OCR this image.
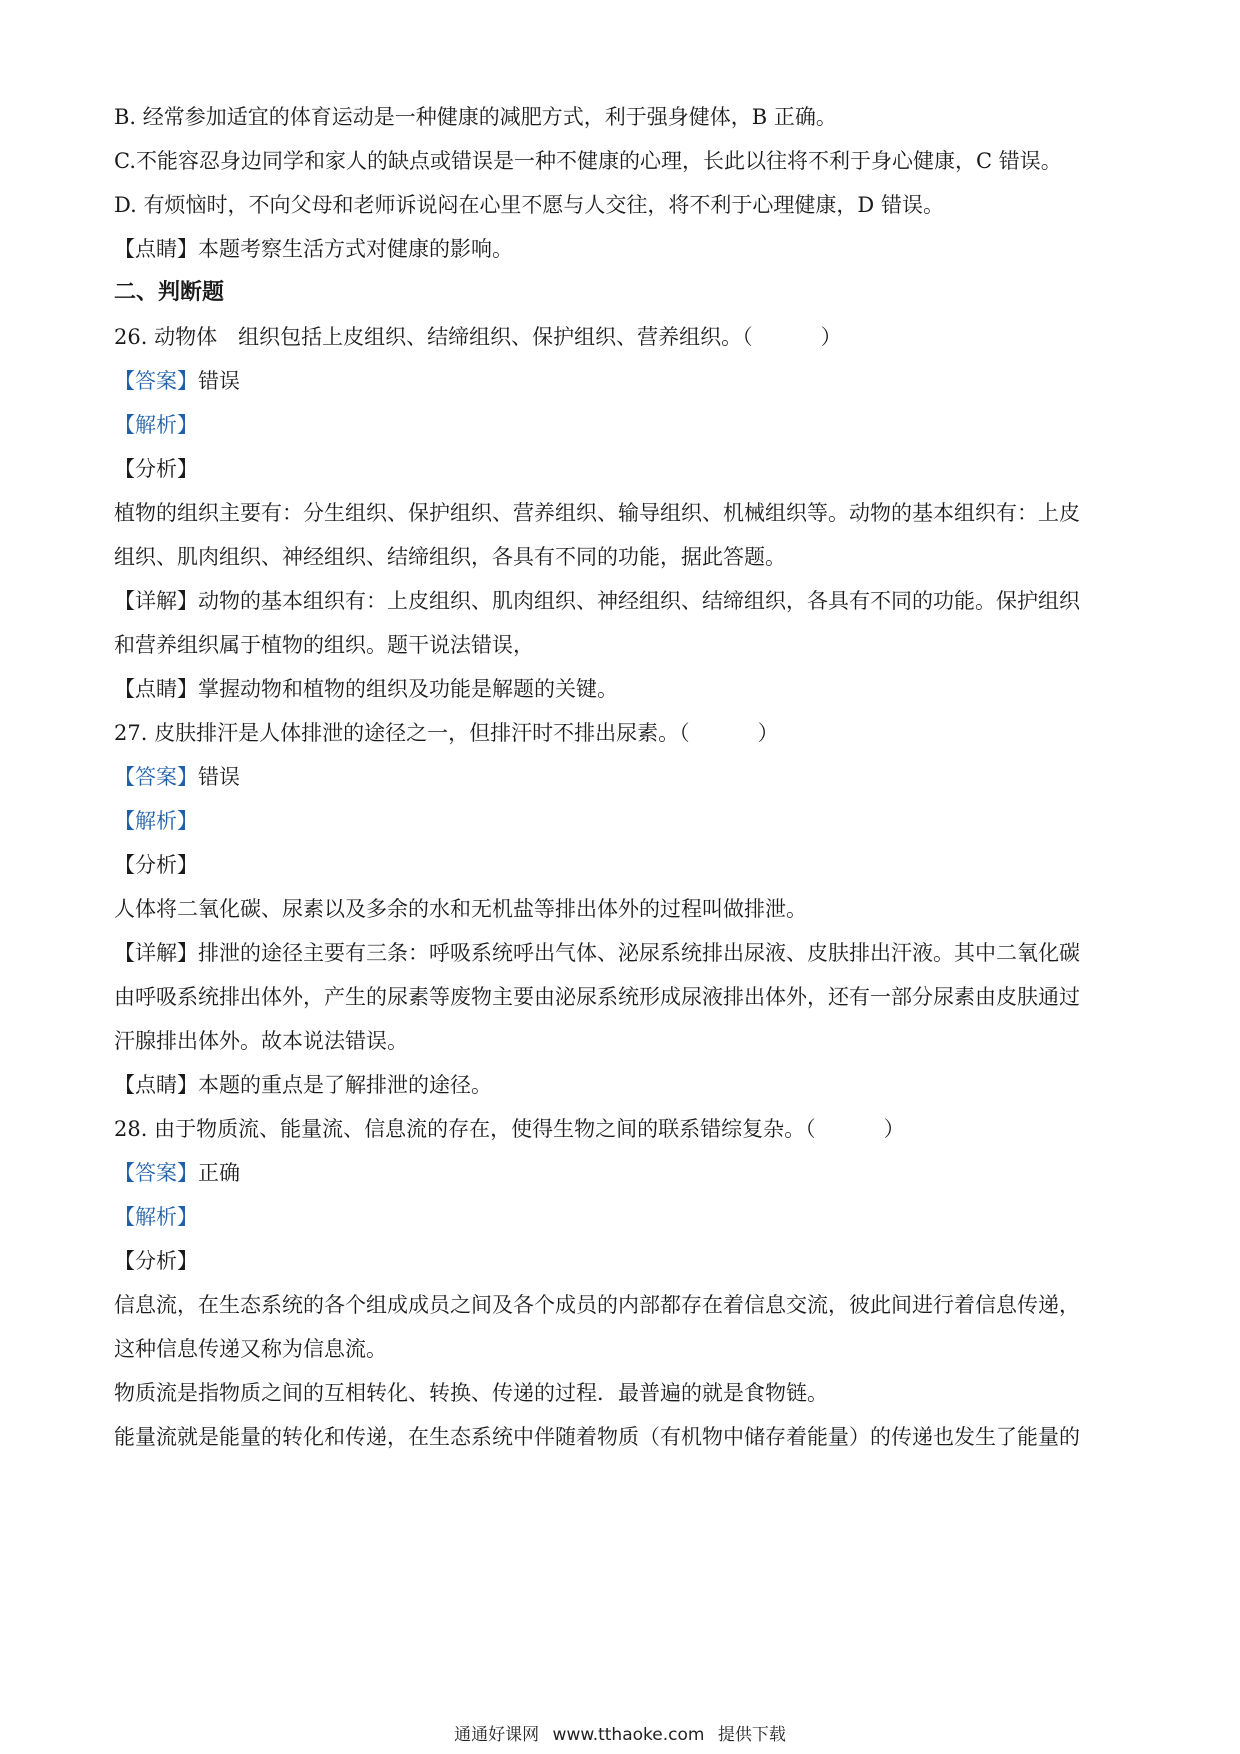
B. 经常参加适宜的体育运动是一种健康的减肥方式，利于强身健体，B 正确。
C.不能容忍身边同学和家人的缺点或错误是一种不健康的心理，长此以往将不利于身心健康，C 错误。
D. 有烦恼时，不向父母和老师诉说闷在心里不愿与人交往，将不利于心理健康，D 错误。
【点睛】本题考察生活方式对健康的影响。
二、判断题
26. 动物体　组织包括上皮组织、结缔组织、保护组织、营养组织。（	）
【答案】错误
【解析】
【分析】
植物的组织主要有：分生组织、保护组织、营养组织、输导组织、机械组织等。动物的基本组织有：上皮
组织、肌肉组织、神经组织、结缔组织，各具有不同的功能，据此答题。
【详解】动物的基本组织有：上皮组织、肌肉组织、神经组织、结缔组织，各具有不同的功能。保护组织
和营养组织属于植物的组织。题干说法错误，
【点睛】掌握动物和植物的组织及功能是解题的关键。
27. 皮肤排汗是人体排泄的途径之一，但排汗时不排出尿素。（	）
【答案】错误
【解析】
【分析】
人体将二氧化碳、尿素以及多余的水和无机盐等排出体外的过程叫做排泄。
【详解】排泄的途径主要有三条：呼吸系统呼出气体、泌尿系统排出尿液、皮肤排出汗液。其中二氧化碳
由呼吸系统排出体外，产生的尿素等废物主要由泌尿系统形成尿液排出体外，还有一部分尿素由皮肤通过
汗腺排出体外。故本说法错误。
【点睛】本题的重点是了解排泄的途径。
28. 由于物质流、能量流、信息流的存在，使得生物之间的联系错综复杂。（	）
【答案】正确
【解析】
【分析】
信息流，在生态系统的各个组成成员之间及各个成员的内部都存在着信息交流，彼此间进行着信息传递，
这种信息传递又称为信息流。
物质流是指物质之间的互相转化、转换、传递的过程．最普遍的就是食物链。
能量流就是能量的转化和传递，在生态系统中伴随着物质（有机物中储存着能量）的传递也发生了能量的
通通好课网 www.tthaoke.com 提供下载
